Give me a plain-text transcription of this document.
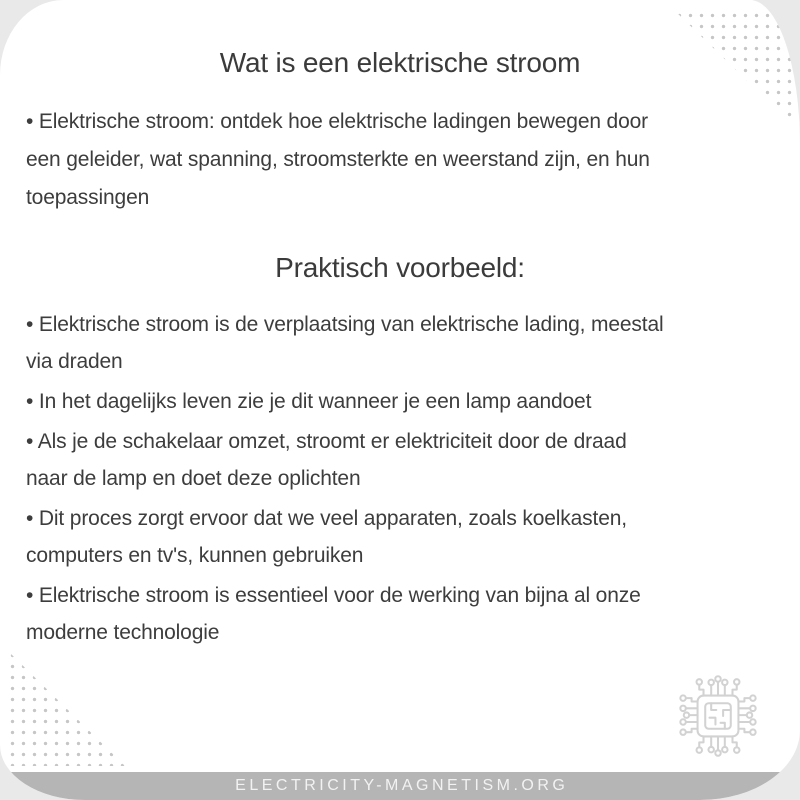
Wat is een elektrische stroom
• Elektrische stroom: ontdek hoe elektrische ladingen bewegen door
een geleider, wat spanning, stroomsterkte en weerstand zijn, en hun
toepassingen
Praktisch voorbeeld:
• Elektrische stroom is de verplaatsing van elektrische lading, meestal
via draden
• In het dagelijks leven zie je dit wanneer je een lamp aandoet
• Als je de schakelaar omzet, stroomt er elektriciteit door de draad
naar de lamp en doet deze oplichten
• Dit proces zorgt ervoor dat we veel apparaten, zoals koelkasten,
computers en tv's, kunnen gebruiken
• Elektrische stroom is essentieel voor de werking van bijna al onze
moderne technologie
ELECTRICITY-MAGNETISM.ORG
